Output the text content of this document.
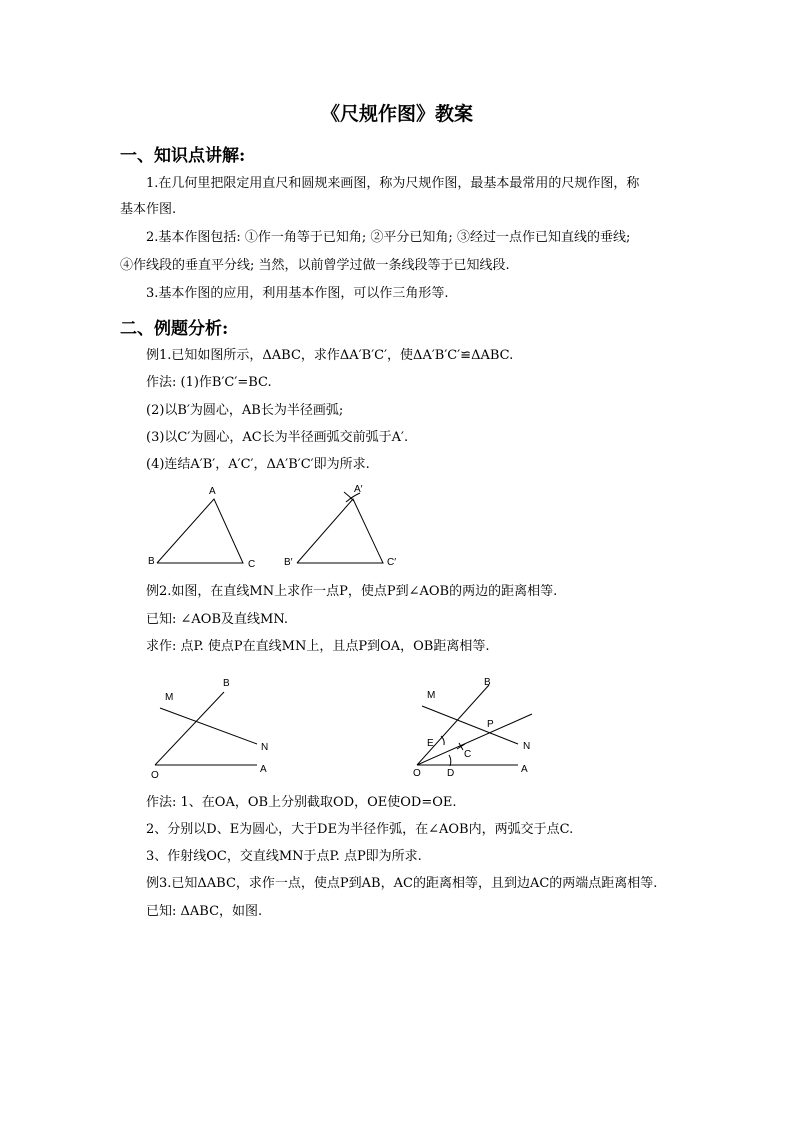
《尺规作图》教案
一、知识点讲解:
1.在几何里把限定用直尺和圆规来画图，称为尺规作图，最基本最常用的尺规作图，称
基本作图.
2.基本作图包括: ①作一角等于已知角; ②平分已知角; ③经过一点作已知直线的垂线;
④作线段的垂直平分线; 当然，以前曾学过做一条线段等于已知线段.
3.基本作图的应用，利用基本作图，可以作三角形等.
二、例题分析:
例1.已知如图所示，ΔABC，求作ΔA′B′C′，使ΔA′B′C′≌ΔABC.
作法: (1)作B′C′=BC.
(2)以B′为圆心，AB长为半径画弧;
(3)以C′为圆心，AC长为半径画弧交前弧于A′.
(4)连结A′B′，A′C′，ΔA′B′C′即为所求.
A
B	C
A′
B′	C′
例2.如图，在直线MN上求作一点P，使点P到∠AOB的两边的距离相等.
已知: ∠AOB及直线MN.
求作: 点P. 使点P在直线MN上，且点P到OA，OB距离相等.
M
B
N
O
A
M
B
P
E
C
N
O	D	A
作法: 1、在OA，OB上分别截取OD，OE使OD=OE.
2、分别以D、E为圆心，大于DE为半径作弧，在∠AOB内，两弧交于点C.
3、作射线OC，交直线MN于点P. 点P即为所求.
例3.已知ΔABC，求作一点，使点P到AB，AC的距离相等，且到边AC的两端点距离相等.
已知: ΔABC，如图.
